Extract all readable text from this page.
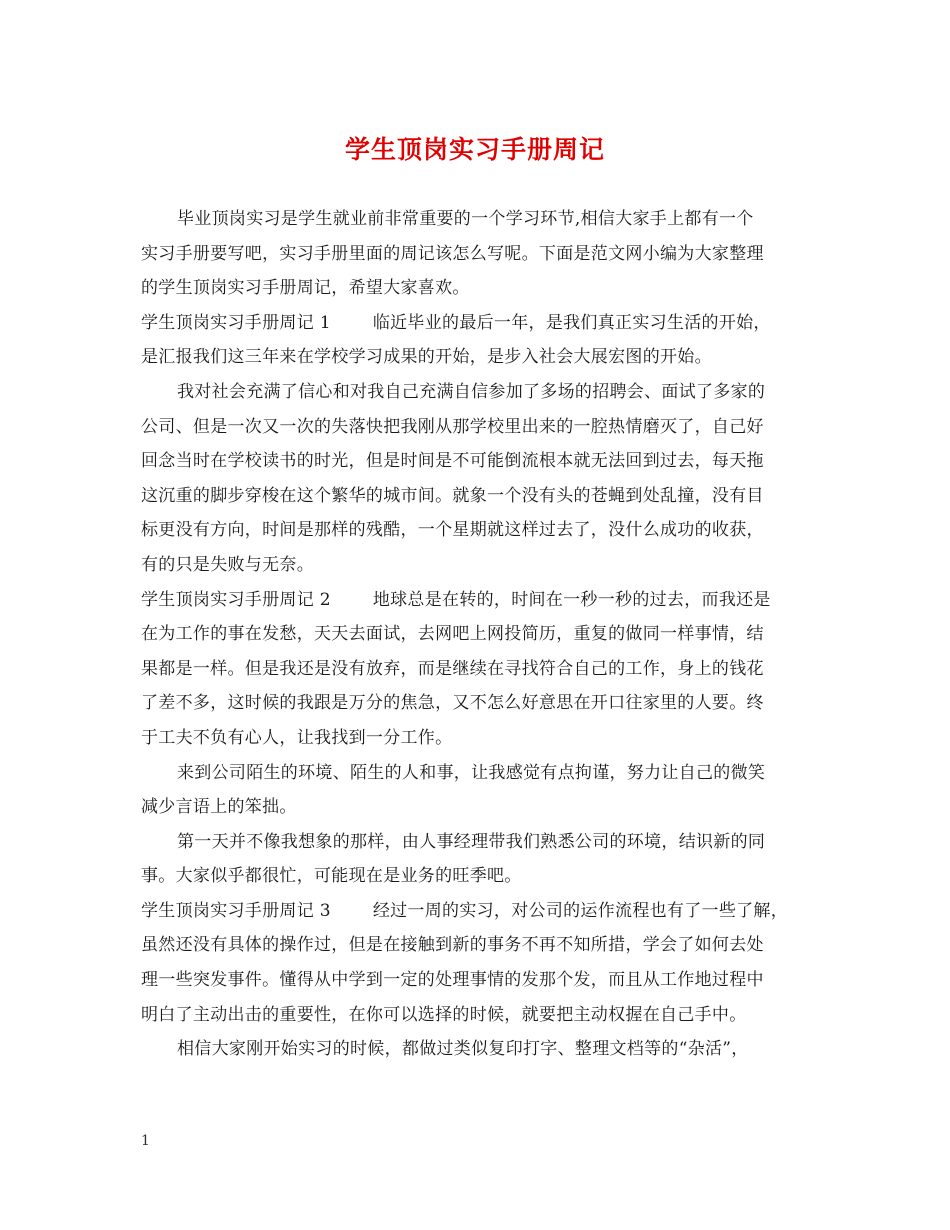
学生顶岗实习手册周记
毕业顶岗实习是学生就业前非常重要的一个学习环节,相信大家手上都有一个
实习手册要写吧，实习手册里面的周记该怎么写呢。下面是范文网小编为大家整理
的学生顶岗实习手册周记，希望大家喜欢。
学生顶岗实习手册周记 1 临近毕业的最后一年，是我们真正实习生活的开始，
是汇报我们这三年来在学校学习成果的开始，是步入社会大展宏图的开始。
我对社会充满了信心和对我自己充满自信参加了多场的招聘会、面试了多家的
公司、但是一次又一次的失落快把我刚从那学校里出来的一腔热情磨灭了，自己好
回念当时在学校读书的时光，但是时间是不可能倒流根本就无法回到过去，每天拖
这沉重的脚步穿梭在这个繁华的城市间。就象一个没有头的苍蝇到处乱撞，没有目
标更没有方向，时间是那样的残酷，一个星期就这样过去了，没什么成功的收获，
有的只是失败与无奈。
学生顶岗实习手册周记 2 地球总是在转的，时间在一秒一秒的过去，而我还是
在为工作的事在发愁，天天去面试，去网吧上网投简历，重复的做同一样事情，结
果都是一样。但是我还是没有放弃，而是继续在寻找符合自己的工作，身上的钱花
了差不多，这时候的我跟是万分的焦急，又不怎么好意思在开口往家里的人要。终
于工夫不负有心人，让我找到一分工作。
来到公司陌生的环境、陌生的人和事，让我感觉有点拘谨，努力让自己的微笑
减少言语上的笨拙。
第一天并不像我想象的那样，由人事经理带我们熟悉公司的环境，结识新的同
事。大家似乎都很忙，可能现在是业务的旺季吧。
学生顶岗实习手册周记 3 经过一周的实习，对公司的运作流程也有了一些了解，
虽然还没有具体的操作过，但是在接触到新的事务不再不知所措，学会了如何去处
理一些突发事件。懂得从中学到一定的处理事情的发那个发，而且从工作地过程中
明白了主动出击的重要性，在你可以选择的时候，就要把主动权握在自己手中。
相信大家刚开始实习的时候，都做过类似复印打字、整理文档等的“杂活”，
1
